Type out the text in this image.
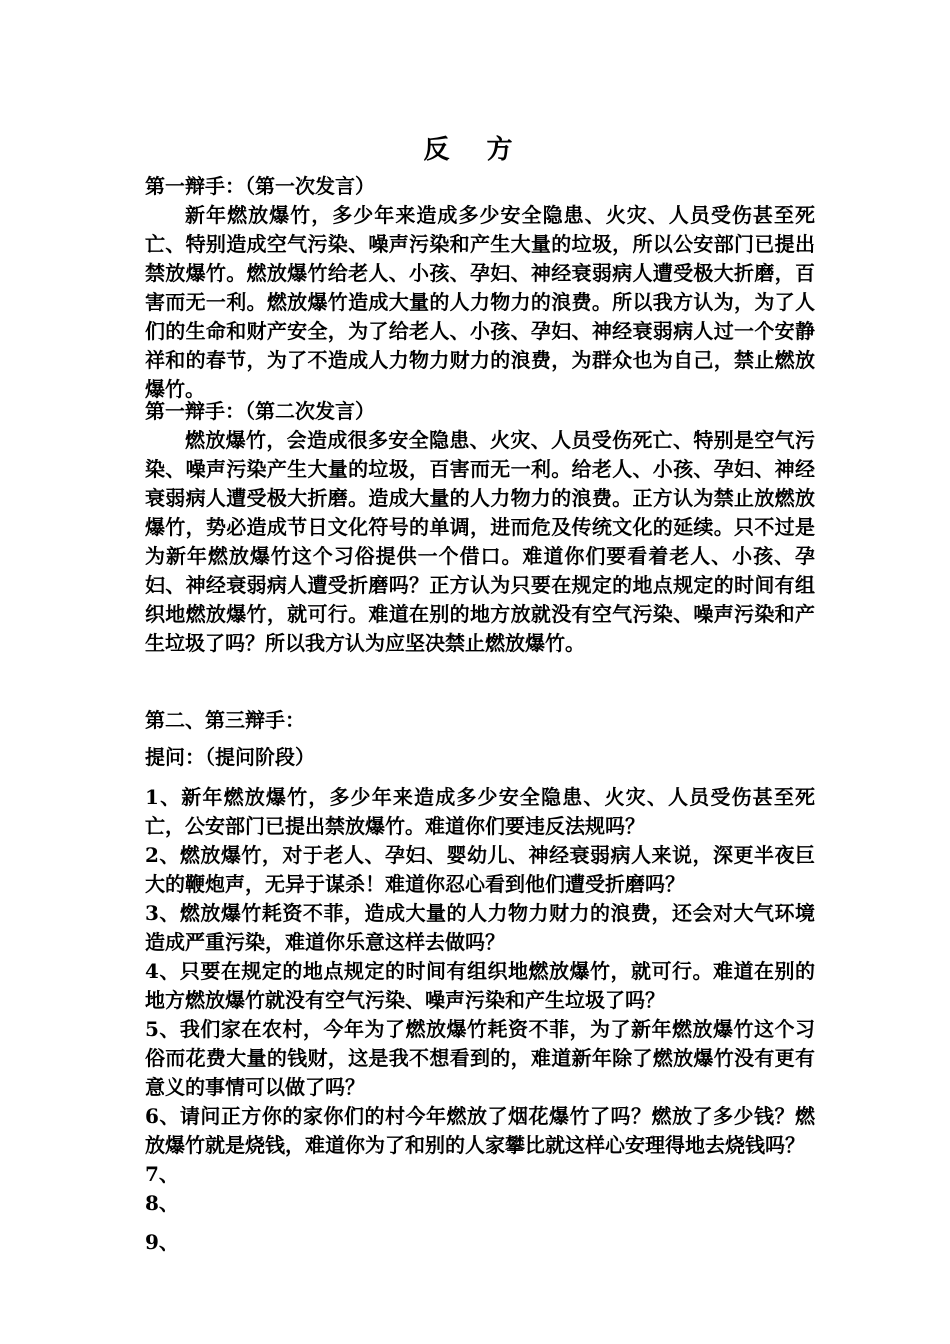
反 方
第一辩手：（第一次发言）
新年燃放爆竹，多少年来造成多少安全隐患、火灾、人员受伤甚至死亡、特别造成空气污染、噪声污染和产生大量的垃圾，所以公安部门已提出禁放爆竹。燃放爆竹给老人、小孩、孕妇、神经衰弱病人遭受极大折磨，百害而无一利。燃放爆竹造成大量的人力物力的浪费。所以我方认为，为了人们的生命和财产安全，为了给老人、小孩、孕妇、神经衰弱病人过一个安静祥和的春节，为了不造成人力物力财力的浪费，为群众也为自己，禁止燃放爆竹。
第一辩手：（第二次发言）
燃放爆竹，会造成很多安全隐患、火灾、人员受伤死亡、特别是空气污染、噪声污染产生大量的垃圾，百害而无一利。给老人、小孩、孕妇、神经衰弱病人遭受极大折磨。造成大量的人力物力的浪费。正方认为禁止放燃放爆竹，势必造成节日文化符号的单调，进而危及传统文化的延续。只不过是为新年燃放爆竹这个习俗提供一个借口。难道你们要看着老人、小孩、孕妇、神经衰弱病人遭受折磨吗？正方认为只要在规定的地点规定的时间有组织地燃放爆竹，就可行。难道在别的地方放就没有空气污染、噪声污染和产生垃圾了吗？所以我方认为应坚决禁止燃放爆竹。
第二、第三辩手：
提问：（提问阶段）
1、新年燃放爆竹，多少年来造成多少安全隐患、火灾、人员受伤甚至死亡，公安部门已提出禁放爆竹。难道你们要违反法规吗？
2、燃放爆竹，对于老人、孕妇、婴幼儿、神经衰弱病人来说，深更半夜巨大的鞭炮声，无异于谋杀！难道你忍心看到他们遭受折磨吗？
3、燃放爆竹耗资不菲，造成大量的人力物力财力的浪费，还会对大气环境造成严重污染，难道你乐意这样去做吗？
4、只要在规定的地点规定的时间有组织地燃放爆竹，就可行。难道在别的地方燃放爆竹就没有空气污染、噪声污染和产生垃圾了吗？
5、我们家在农村，今年为了燃放爆竹耗资不菲，为了新年燃放爆竹这个习俗而花费大量的钱财，这是我不想看到的，难道新年除了燃放爆竹没有更有意义的事情可以做了吗？
6、请问正方你的家你们的村今年燃放了烟花爆竹了吗？燃放了多少钱？燃放爆竹就是烧钱，难道你为了和别的人家攀比就这样心安理得地去烧钱吗？
7、
8、
9、
